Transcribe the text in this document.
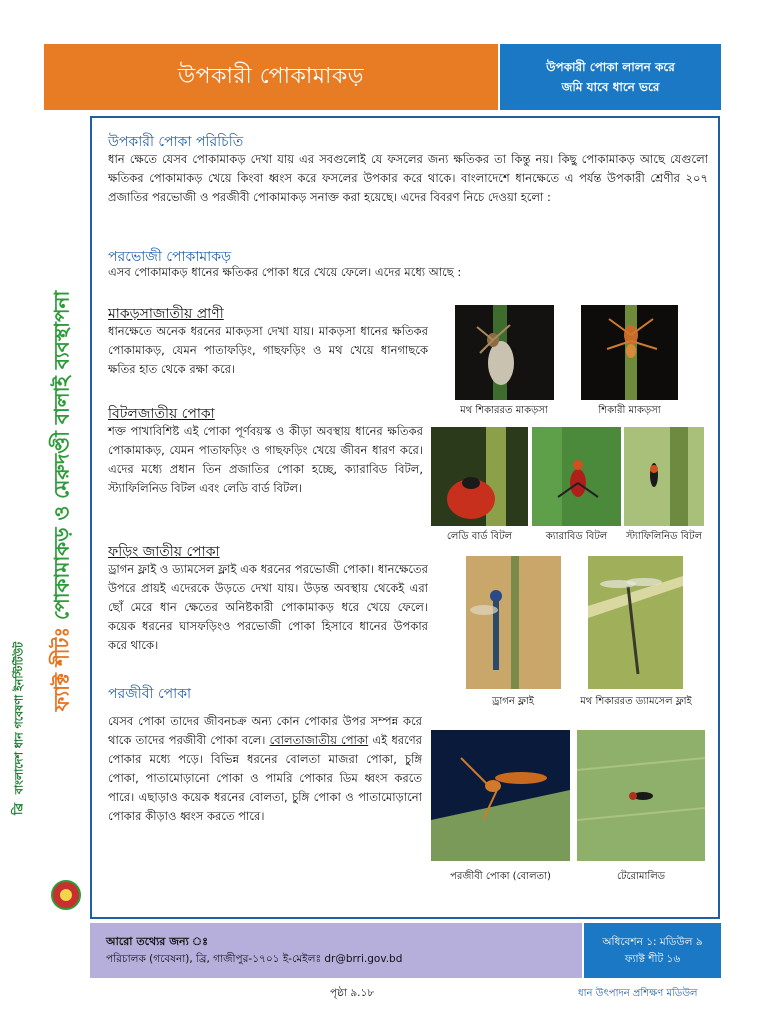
উপকারী পোকামাকড়	উপকারী পোকা লালন করে
জমি যাবে ধানে ভরে
ফ্যাক্ট শীটঃ পোকামাকড় ও মেরুদণ্ডী বালাই ব্যবস্থাপনা
বাংলাদেশ ধান গবেষণা ইনস্টিটিউট
ব্রি
উপকারী পোকা পরিচিতি
ধান ক্ষেতে যেসব পোকামাকড় দেখা যায় এর সবগুলোই যে ফসলের জন্য ক্ষতিকর তা কিন্তু নয়। কিছু পোকামাকড় আছে যেগুলো ক্ষতিকর পোকামাকড় খেয়ে কিংবা ধ্বংস করে ফসলের উপকার করে থাকে। বাংলাদেশে ধানক্ষেতে এ পর্যন্ত উপকারী শ্রেণীর ২০৭ প্রজাতির পরভোজী ও পরজীবী পোকামাকড় সনাক্ত করা হয়েছে। এদের বিবরণ নিচে দেওয়া হলো :
পরভোজী পোকামাকড়
এসব পোকামাকড় ধানের ক্ষতিকর পোকা ধরে খেয়ে ফেলে। এদের মধ্যে আছে :
মাকড়সাজাতীয় প্রাণী
ধানক্ষেতে অনেক ধরনের মাকড়সা দেখা যায়। মাকড়সা ধানের ক্ষতিকর পোকামাকড়, যেমন পাতাফড়িং, গাছফড়িং ও মথ খেয়ে ধানগাছকে ক্ষতির হাত থেকে রক্ষা করে।
মথ শিকাররত মাকড়সা	শিকারী মাকড়সা
বিটলজাতীয় পোকা
শক্ত পাখাবিশিষ্ট এই পোকা পূর্ণবয়স্ক ও কীড়া অবস্থায় ধানের ক্ষতিকর পোকামাকড়, যেমন পাতাফড়িং ও গাছফড়িং খেয়ে জীবন ধারণ করে। এদের মধ্যে প্রধান তিন প্রজাতির পোকা হচ্ছে, ক্যারাবিড বিটল, স্ট্যাফিলিনিড বিটল এবং লেডি বার্ড বিটল।
লেডি বার্ড বিটল	ক্যারাবিড বিটল	স্ট্যাফিলিনিড বিটল
ফড়িং জাতীয় পোকা
ড্রাগন ফ্লাই ও ড্যামসেল ফ্লাই এক ধরনের পরভোজী পোকা। ধানক্ষেতের উপরে প্রায়ই এদেরকে উড়তে দেখা যায়। উড়ন্ত অবস্থায় থেকেই এরা ছোঁ মেরে ধান ক্ষেতের অনিষ্টকারী পোকামাকড় ধরে খেয়ে ফেলে। কয়েক ধরনের ঘাসফড়িংও পরভোজী পোকা হিসাবে ধানের উপকার করে থাকে।
ড্রাগন ফ্লাই	মথ শিকাররত ড্যামসেল ফ্লাই
পরজীবী পোকা
যেসব পোকা তাদের জীবনচক্র অন্য কোন পোকার উপর সম্পন্ন করে থাকে তাদের পরজীবী পোকা বলে। বোলতাজাতীয় পোকা এই ধরণের পোকার মধ্যে পড়ে। বিভিন্ন ধরনের বোলতা মাজরা পোকা, চুঙ্গি পোকা, পাতামোড়ানো পোকা ও পামরি পোকার ডিম ধ্বংস করতে পারে। এছাড়াও কয়েক ধরনের বোলতা, চুঙ্গি পোকা ও পাতামোড়ানো পোকার কীড়াও ধ্বংস করতে পারে।
পরজীবী পোকা (বোলতা)	টেরোমালিড
আরো তথ্যের জন্য ঃ
পরিচালক (গবেষনা), ব্রি, গাজীপুর-১৭০১ ই-মেইলঃ dr@brri.gov.bd
অধিবেশন ১: মডিউল ৯
ফ্যাক্ট শীট ১৬
পৃষ্ঠা ৯.১৮	ধান উৎপাদন প্রশিক্ষণ মডিউল
